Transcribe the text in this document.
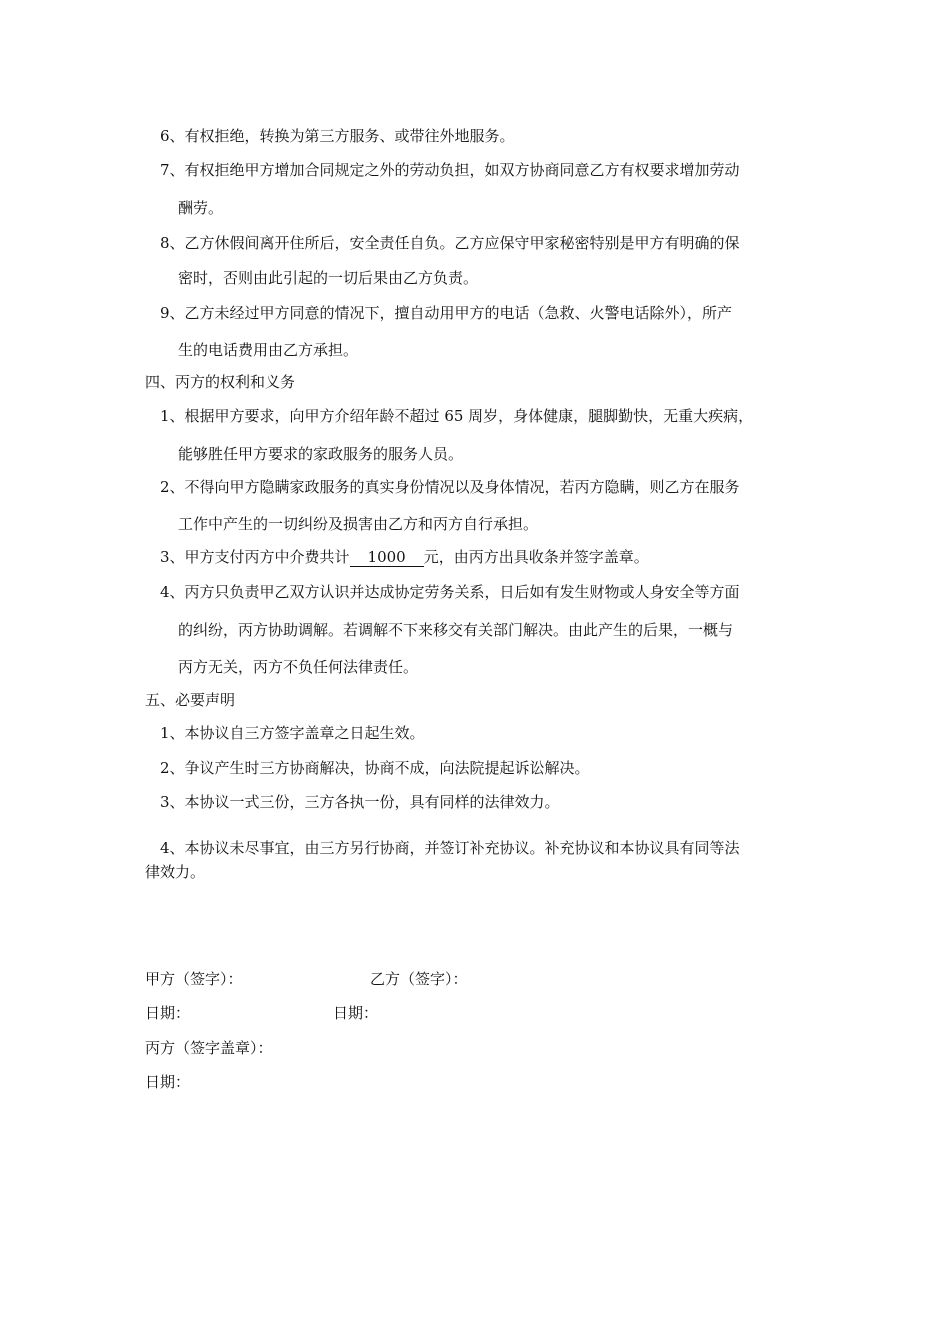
6、有权拒绝，转换为第三方服务、或带往外地服务。
7、有权拒绝甲方增加合同规定之外的劳动负担，如双方协商同意乙方有权要求增加劳动
酬劳。
8、乙方休假间离开住所后，安全责任自负。乙方应保守甲家秘密特别是甲方有明确的保
密时，否则由此引起的一切后果由乙方负责。
9、乙方未经过甲方同意的情况下，擅自动用甲方的电话（急救、火警电话除外），所产
生的电话费用由乙方承担。
四、丙方的权利和义务
1、根据甲方要求，向甲方介绍年龄不超过 65 周岁，身体健康，腿脚勤快，无重大疾病，
能够胜任甲方要求的家政服务的服务人员。
2、不得向甲方隐瞒家政服务的真实身份情况以及身体情况，若丙方隐瞒，则乙方在服务
工作中产生的一切纠纷及损害由乙方和丙方自行承担。
3、甲方支付丙方中介费共计 1000 元，由丙方出具收条并签字盖章。
4、丙方只负责甲乙双方认识并达成协定劳务关系，日后如有发生财物或人身安全等方面
的纠纷，丙方协助调解。若调解不下来移交有关部门解决。由此产生的后果，一概与
丙方无关，丙方不负任何法律责任。
五、必要声明
1、本协议自三方签字盖章之日起生效。
2、争议产生时三方协商解决，协商不成，向法院提起诉讼解决。
3、本协议一式三份，三方各执一份，具有同样的法律效力。
4、本协议未尽事宜，由三方另行协商，并签订补充协议。补充协议和本协议具有同等法
律效力。
甲方（签字）：	乙方（签字）：
日期：	日期：
丙方（签字盖章）：
日期：
